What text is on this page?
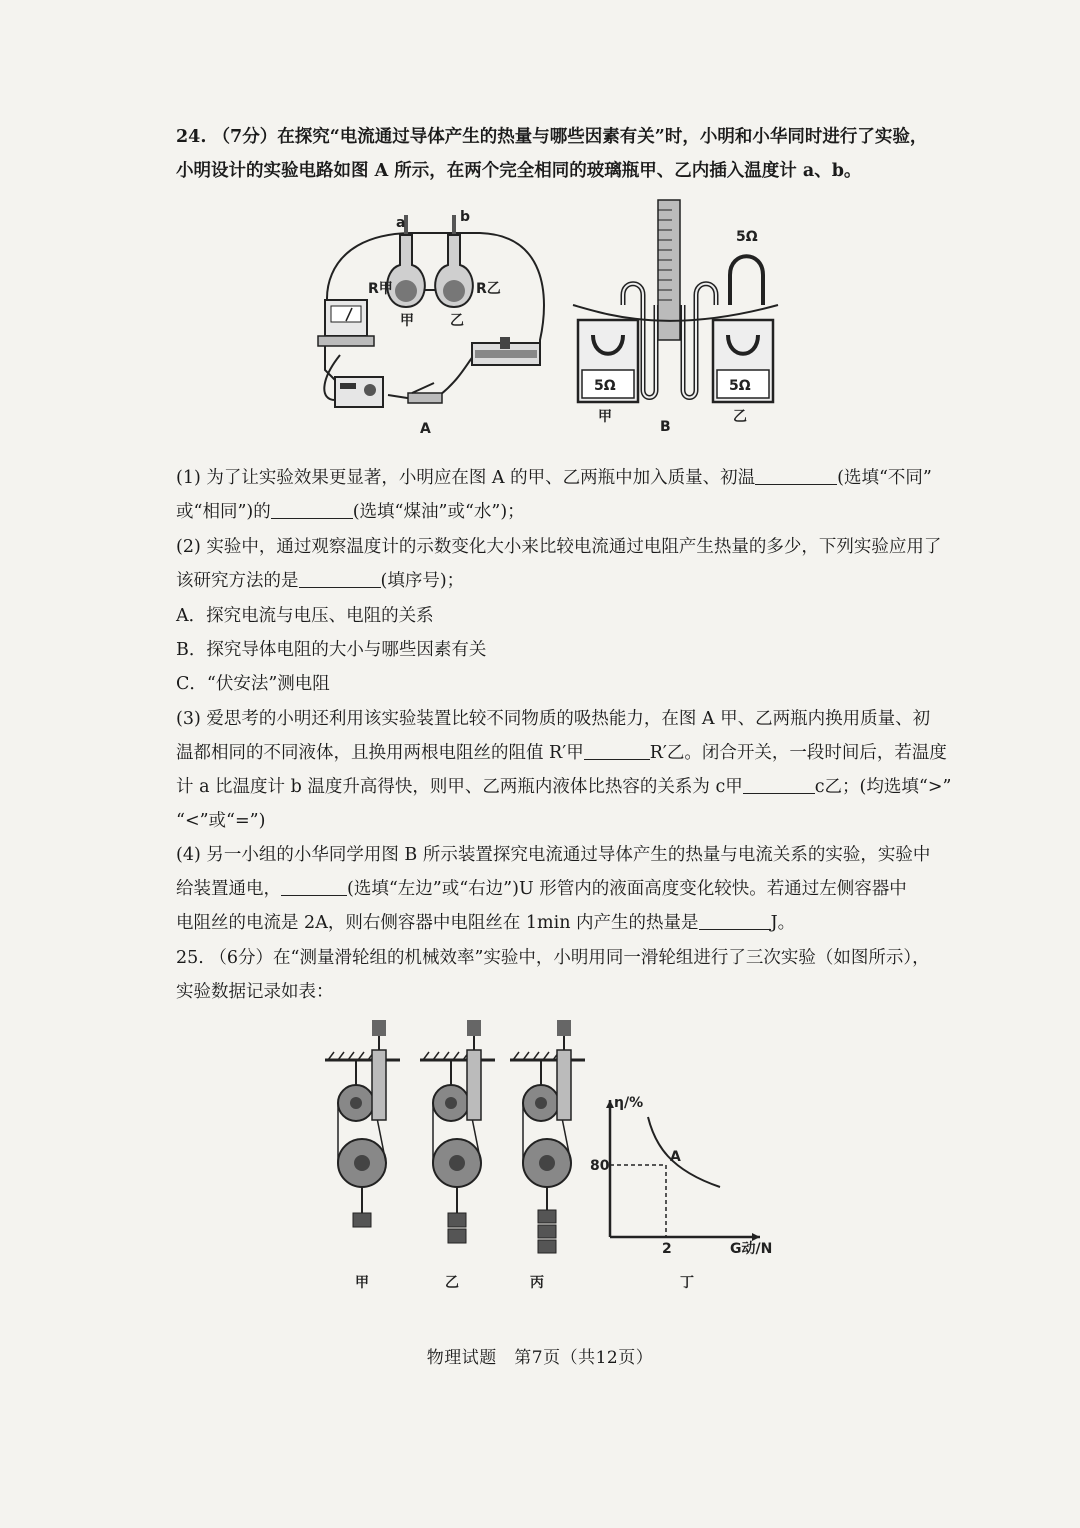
24. （7分）在探究“电流通过导体产生的热量与哪些因素有关”时，小明和小华同时进行了实验，
小明设计的实验电路如图 A 所示，在两个完全相同的玻璃瓶甲、乙内插入温度计 a、b。
a	b
R甲	R乙
甲	乙
A
5Ω	5Ω
5Ω
甲	乙
B
(1) 为了让实验效果更显著，小明应在图 A 的甲、乙两瓶中加入质量、初温	(选填“不同”
或“相同”)的	(选填“煤油”或“水”)；
(2) 实验中，通过观察温度计的示数变化大小来比较电流通过电阻产生热量的多少，下列实验应用了
该研究方法的是	(填序号)；
A．探究电流与电压、电阻的关系
B．探究导体电阻的大小与哪些因素有关
C．“伏安法”测电阻
(3) 爱思考的小明还利用该实验装置比较不同物质的吸热能力，在图 A 甲、乙两瓶内换用质量、初
温都相同的不同液体，且换用两根电阻丝的阻值 R′甲	R′乙。闭合开关，一段时间后，若温度
计 a 比温度计 b 温度升高得快，则甲、乙两瓶内液体比热容的关系为 c甲	c乙；(均选填“>”
“<”或“=”)
(4) 另一小组的小华同学用图 B 所示装置探究电流通过导体产生的热量与电流关系的实验，实验中
给装置通电，	(选填“左边”或“右边”)U 形管内的液面高度变化较快。若通过左侧容器中
电阻丝的电流是 2A，则右侧容器中电阻丝在 1min 内产生的热量是	J。
25. （6分）在“测量滑轮组的机械效率”实验中，小明用同一滑轮组进行了三次实验（如图所示），
实验数据记录如表：
η/%
G动/N
80
2
A
甲	乙	丙	丁
物理试题　第7页（共12页）
